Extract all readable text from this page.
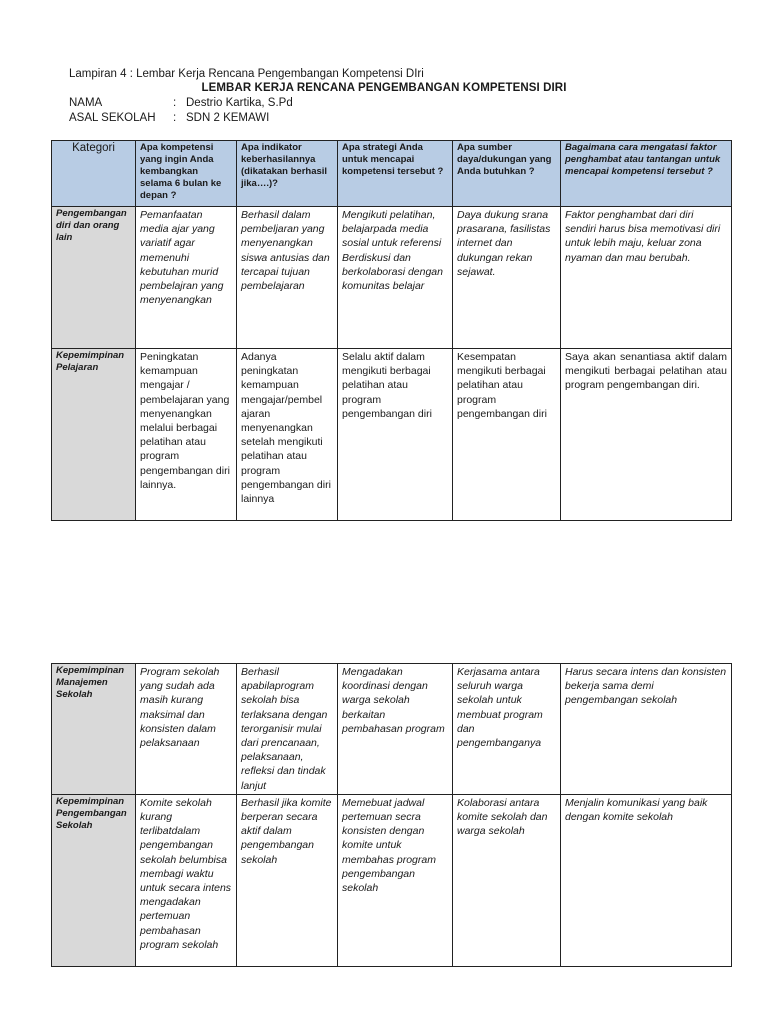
Lampiran 4 : Lembar Kerja Rencana Pengembangan Kompetensi DIri
LEMBAR KERJA RENCANA PENGEMBANGAN KOMPETENSI DIRI
NAMA	: Destrio Kartika, S.Pd
ASAL SEKOLAH : SDN 2 KEMAWI
Kategori	Apa kompetensi yang ingin Anda kembangkan selama 6 bulan ke depan ?	Apa indikator keberhasilannya (dikatakan berhasil jika….)?	Apa strategi Anda untuk mencapai kompetensi tersebut ?	Apa sumber daya/dukungan yang Anda butuhkan ?	Bagaimana cara mengatasi faktor penghambat atau tantangan untuk mencapai kompetensi tersebut ?
Pengembangan diri dan orang lain	Pemanfaatan media ajar yang variatif agar memenuhi kebutuhan murid pembelajran yang menyenangkan	Berhasil dalam pembeljaran yang menyenangkan siswa antusias dan tercapai tujuan pembelajaran	Mengikuti pelatihan, belajarpada media sosial untuk referensi Berdiskusi dan berkolaborasi dengan komunitas belajar	Daya dukung srana prasarana, fasilistas internet dan dukungan rekan sejawat.	Faktor penghambat dari diri sendiri harus bisa memotivasi diri untuk lebih maju, keluar zona nyaman dan mau berubah.
Kepemimpinan Pelajaran	Peningkatan kemampuan mengajar / pembelajaran yang menyenangkan melalui berbagai pelatihan atau program pengembangan diri lainnya.	Adanya peningkatan kemampuan mengajar/pembel ajaran menyenangkan setelah mengikuti pelatihan atau program pengembangan diri lainnya	Selalu aktif dalam mengikuti berbagai pelatihan atau program pengembangan diri	Kesempatan mengikuti berbagai pelatihan atau program pengembangan diri	Saya akan senantiasa aktif dalam mengikuti berbagai pelatihan atau program pengembangan diri.
Kepemimpinan Manajemen Sekolah	Program sekolah yang sudah ada masih kurang maksimal dan konsisten dalam pelaksanaan	Berhasil apabilaprogram sekolah bisa terlaksana dengan terorganisir mulai dari prencanaan, pelaksanaan, refleksi dan tindak lanjut	Mengadakan koordinasi dengan warga sekolah berkaitan pembahasan program	Kerjasama antara seluruh warga sekolah untuk membuat program dan pengembanganya	Harus secara intens dan konsisten bekerja sama demi pengembangan sekolah
Kepemimpinan Pengembangan Sekolah	Komite sekolah kurang terlibatdalam pengembangan sekolah belumbisa membagi waktu untuk secara intens mengadakan pertemuan pembahasan program sekolah	Berhasil jika komite berperan secara aktif dalam pengembangan sekolah	Memebuat jadwal pertemuan secra konsisten dengan komite untuk membahas program pengembangan sekolah	Kolaborasi antara komite sekolah dan warga sekolah	Menjalin komunikasi yang baik dengan komite sekolah
